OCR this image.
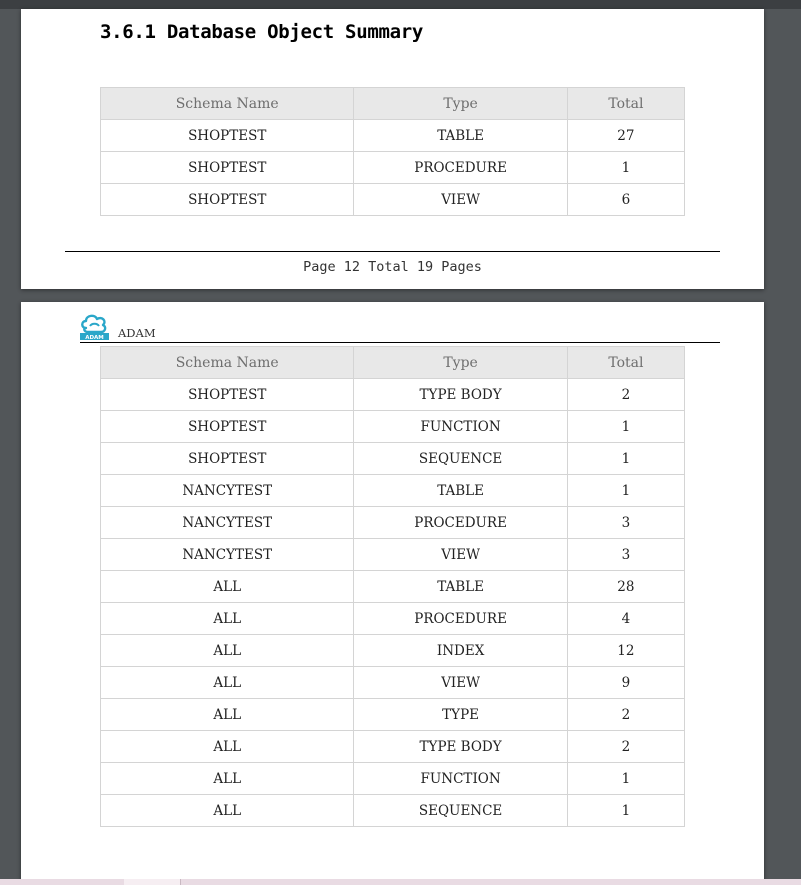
3.6.1 Database Object Summary
Schema Name	Type	Total
SHOPTEST	TABLE	27
SHOPTEST	PROCEDURE	1
SHOPTEST	VIEW	6
Page 12 Total 19 Pages
ADAM ADAM
Schema Name	Type	Total
SHOPTEST	TYPE BODY	2
SHOPTEST	FUNCTION	1
SHOPTEST	SEQUENCE	1
NANCYTEST	TABLE	1
NANCYTEST	PROCEDURE	3
NANCYTEST	VIEW	3
ALL	TABLE	28
ALL	PROCEDURE	4
ALL	INDEX	12
ALL	VIEW	9
ALL	TYPE	2
ALL	TYPE BODY	2
ALL	FUNCTION	1
ALL	SEQUENCE	1
